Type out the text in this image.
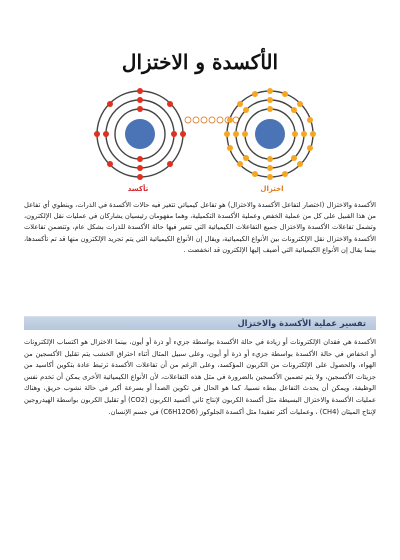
الأكسدة و الاختزال
تأكسد	اختزال
الأكسدة والاختزال (اختصار لتفاعل الأكسدة والاختزال) هو تفاعل كيميائي تتغير فيه حالات الأكسدة في الذرات، وينطوي أي تفاعل من هذا القبيل على كل من عملية الخفض وعملية الأكسدة التكميلية، وهما مفهومان رئيسيان يشاركان في عمليات نقل الإلكترون، وتشمل تفاعلات الأكسدة والاختزال جميع التفاعلات الكيميائية التي تتغير فيها حالة الأكسدة للذرات بشكل عام، وتتضمن تفاعلات الأكسدة والاختزال نقل الإلكترونات بين الأنواع الكيميائية، ويقال إن الأنواع الكيميائية التي يتم تجريد الإلكترون منها قد تم تأكسدها، بينما يقال إن الأنواع الكيميائية التي أضيف إليها الإلكترون قد انخفضت .
تفسير عملية الأكسدة والاختزال
الأكسدة هي فقدان الإلكترونات أو زيادة في حالة الأكسدة بواسطة جزيء أو ذرة أو أيون، بينما الاختزال هو اكتساب الإلكترونات أو انخفاض في حالة الأكسدة بواسطة جزيء أو ذرة أو أيون، وعلى سبيل المثال أثناء احتراق الخشب يتم تقليل الأكسجين من الهواء، والحصول على الإلكترونات من الكربون المؤكسد، وعلى الرغم من أن تفاعلات الأكسدة ترتبط عادة بتكوين أكاسيد من جزيئات الأكسجين، ولا يتم تضمين الأكسجين بالضرورة في مثل هذه التفاعلات، لأن الأنواع الكيميائية الأخرى يمكن أن تخدم نفس الوظيفة، ويمكن أن يحدث التفاعل ببطء نسبيا، كما هو الحال في تكوين الصدأ أو بسرعة أكبر في حالة نشوب حريق، وهناك عمليات الأكسدة والاختزال البسيطة مثل أكسدة الكربون لإنتاج ثاني أكسيد الكربون (CO2) أو تقليل الكربون بواسطة الهيدروجين لإنتاج الميثان (CH4) ، وعمليات أكثر تعقيدا مثل أكسدة الجلوكوز (C6H12O6) في جسم الإنسان.
